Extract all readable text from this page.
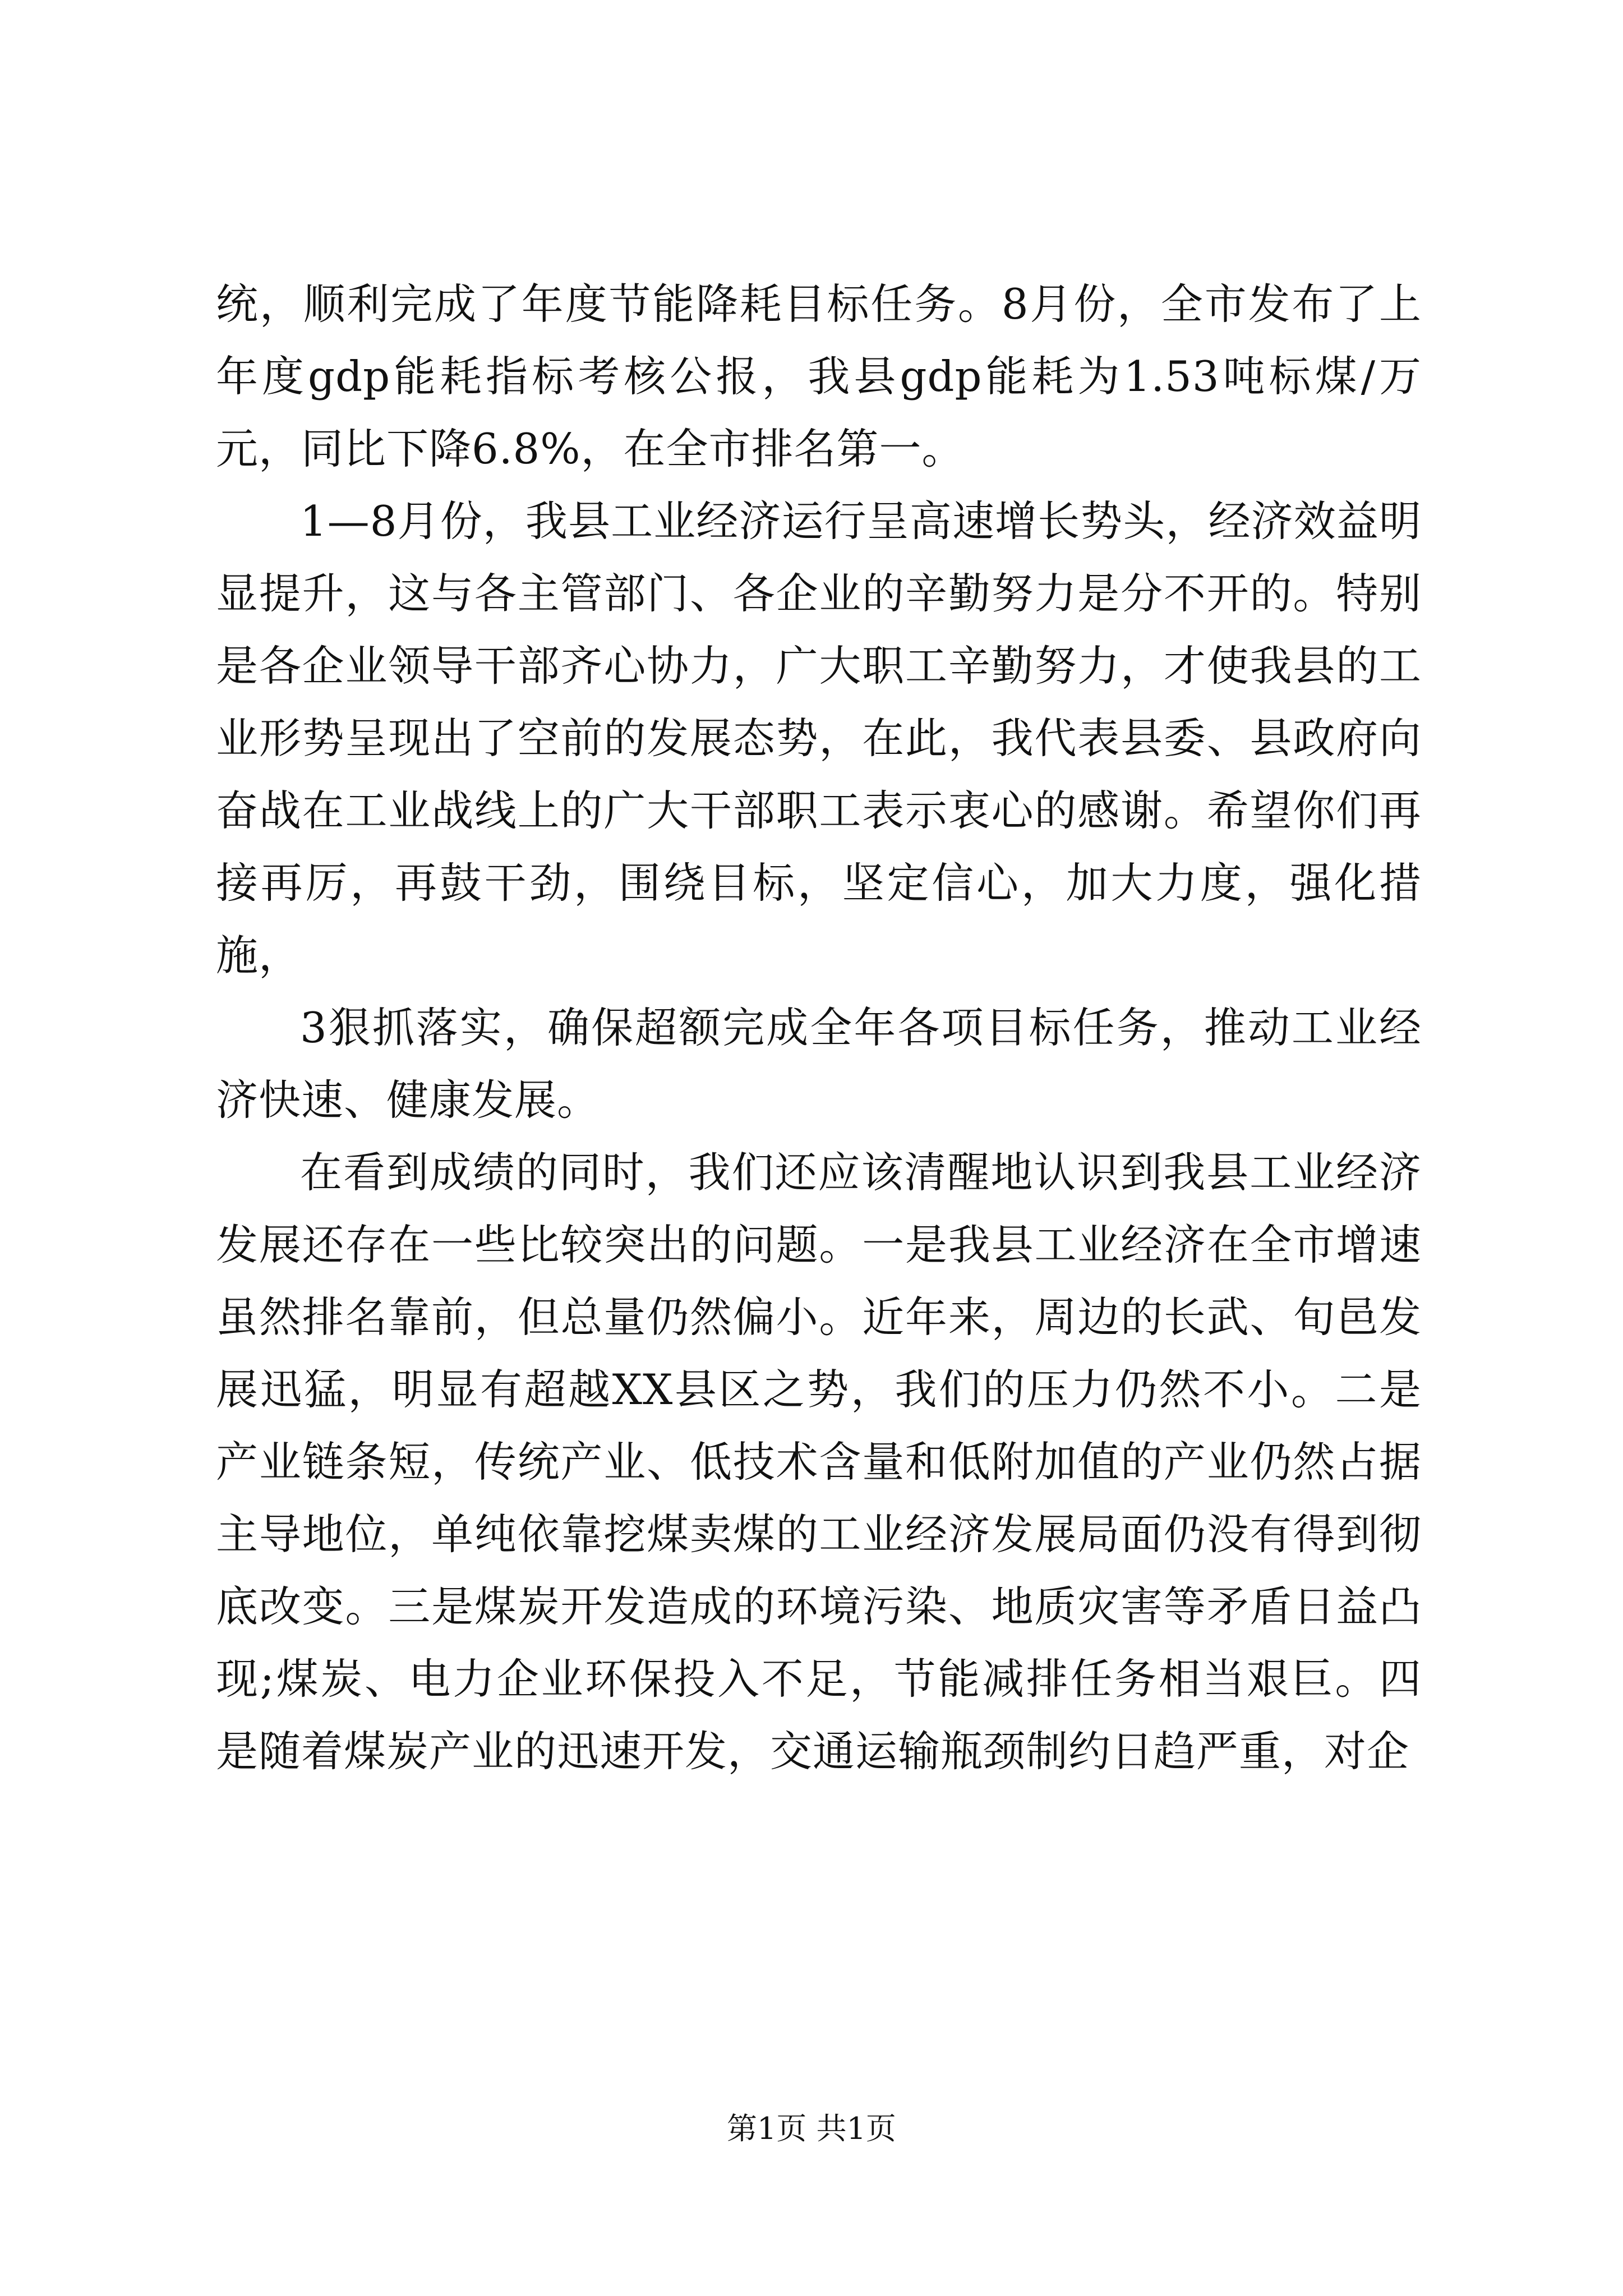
统，顺利完成了年度节能降耗目标任务。8月份，全市发布了上年度gdp能耗指标考核公报，我县gdp能耗为1.53吨标煤/万元，同比下降6.8%，在全市排名第一。

1—8月份，我县工业经济运行呈高速增长势头，经济效益明显提升，这与各主管部门、各企业的辛勤努力是分不开的。特别是各企业领导干部齐心协力，广大职工辛勤努力，才使我县的工业形势呈现出了空前的发展态势，在此，我代表县委、县政府向奋战在工业战线上的广大干部职工表示衷心的感谢。希望你们再接再厉，再鼓干劲，围绕目标，坚定信心，加大力度，强化措施，

3狠抓落实，确保超额完成全年各项目标任务，推动工业经济快速、健康发展。

在看到成绩的同时，我们还应该清醒地认识到我县工业经济发展还存在一些比较突出的问题。一是我县工业经济在全市增速虽然排名靠前，但总量仍然偏小。近年来，周边的长武、旬邑发展迅猛，明显有超越XX县区之势，我们的压力仍然不小。二是产业链条短，传统产业、低技术含量和低附加值的产业仍然占据主导地位，单纯依靠挖煤卖煤的工业经济发展局面仍没有得到彻底改变。三是煤炭开发造成的环境污染、地质灾害等矛盾日益凸现;煤炭、电力企业环保投入不足，节能减排任务相当艰巨。四是随着煤炭产业的迅速开发，交通运输瓶颈制约日趋严重，对企

第1页 共1页
